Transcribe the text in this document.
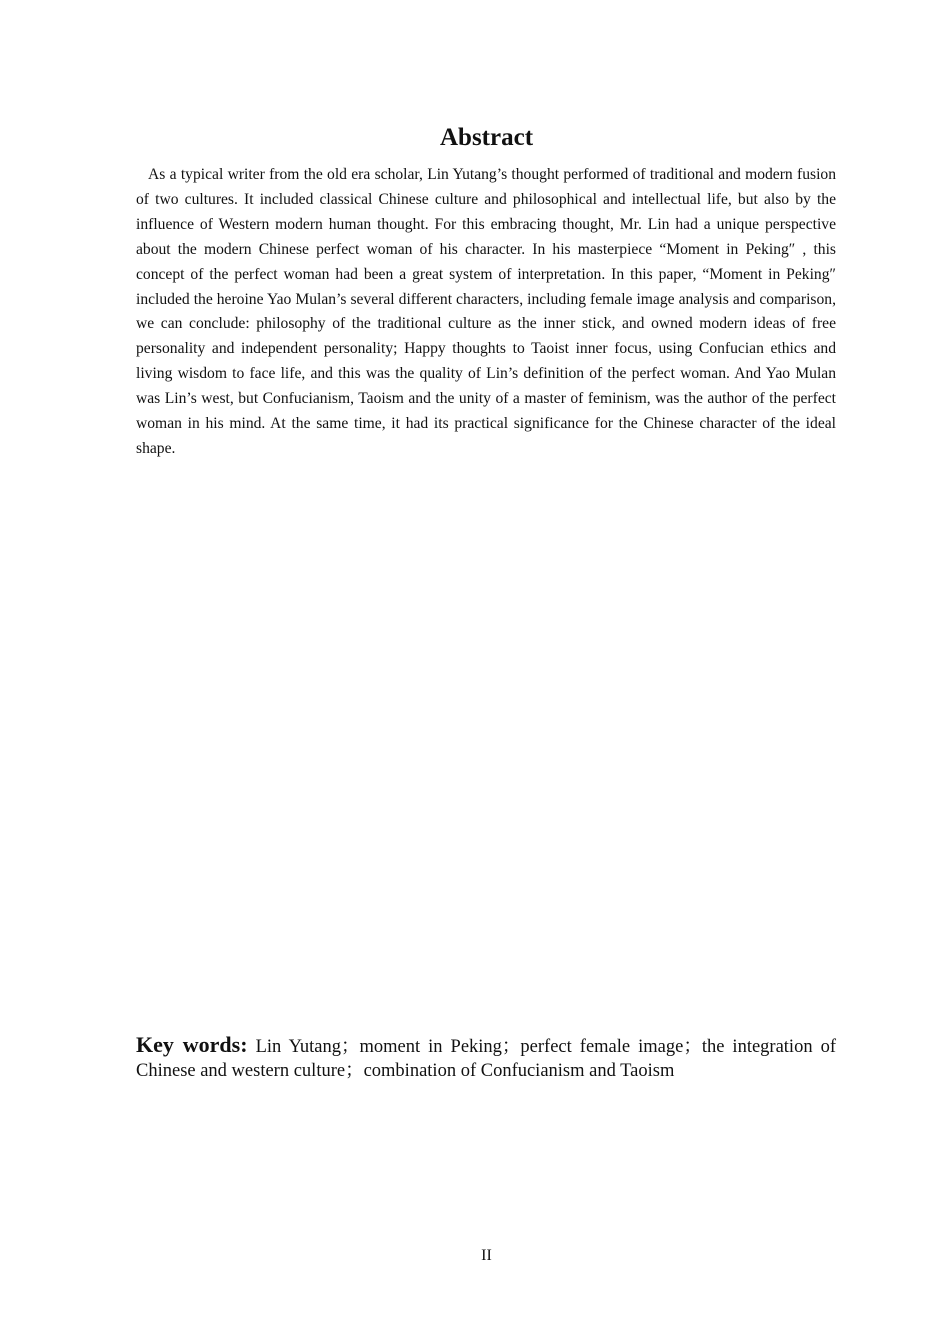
Abstract

As a typical writer from the old era scholar, Lin Yutang’s thought performed of traditional and modern fusion of two cultures. It included classical Chinese culture and philosophical and intellectual life, but also by the influence of Western modern human thought. For this embracing thought, Mr. Lin had a unique perspective about the modern Chinese perfect woman of his character. In his masterpiece “Moment in Peking″ , this concept of the perfect woman had been a great system of interpretation. In this paper, “Moment in Peking″ included the heroine Yao Mulan’s several different characters, including female image analysis and comparison, we can conclude: philosophy of the traditional culture as the inner stick, and owned modern ideas of free personality and independent personality; Happy thoughts to Taoist inner focus, using Confucian ethics and living wisdom to face life, and this was the quality of Lin’s definition of the perfect woman. And Yao Mulan was Lin’s west, but Confucianism, Taoism and the unity of a master of feminism, was the author of the perfect woman in his mind. At the same time, it had its practical significance for the Chinese character of the ideal shape.

Key words: Lin Yutang；moment in Peking；perfect female image；the integration of Chinese and western culture；combination of Confucianism and Taoism

II
